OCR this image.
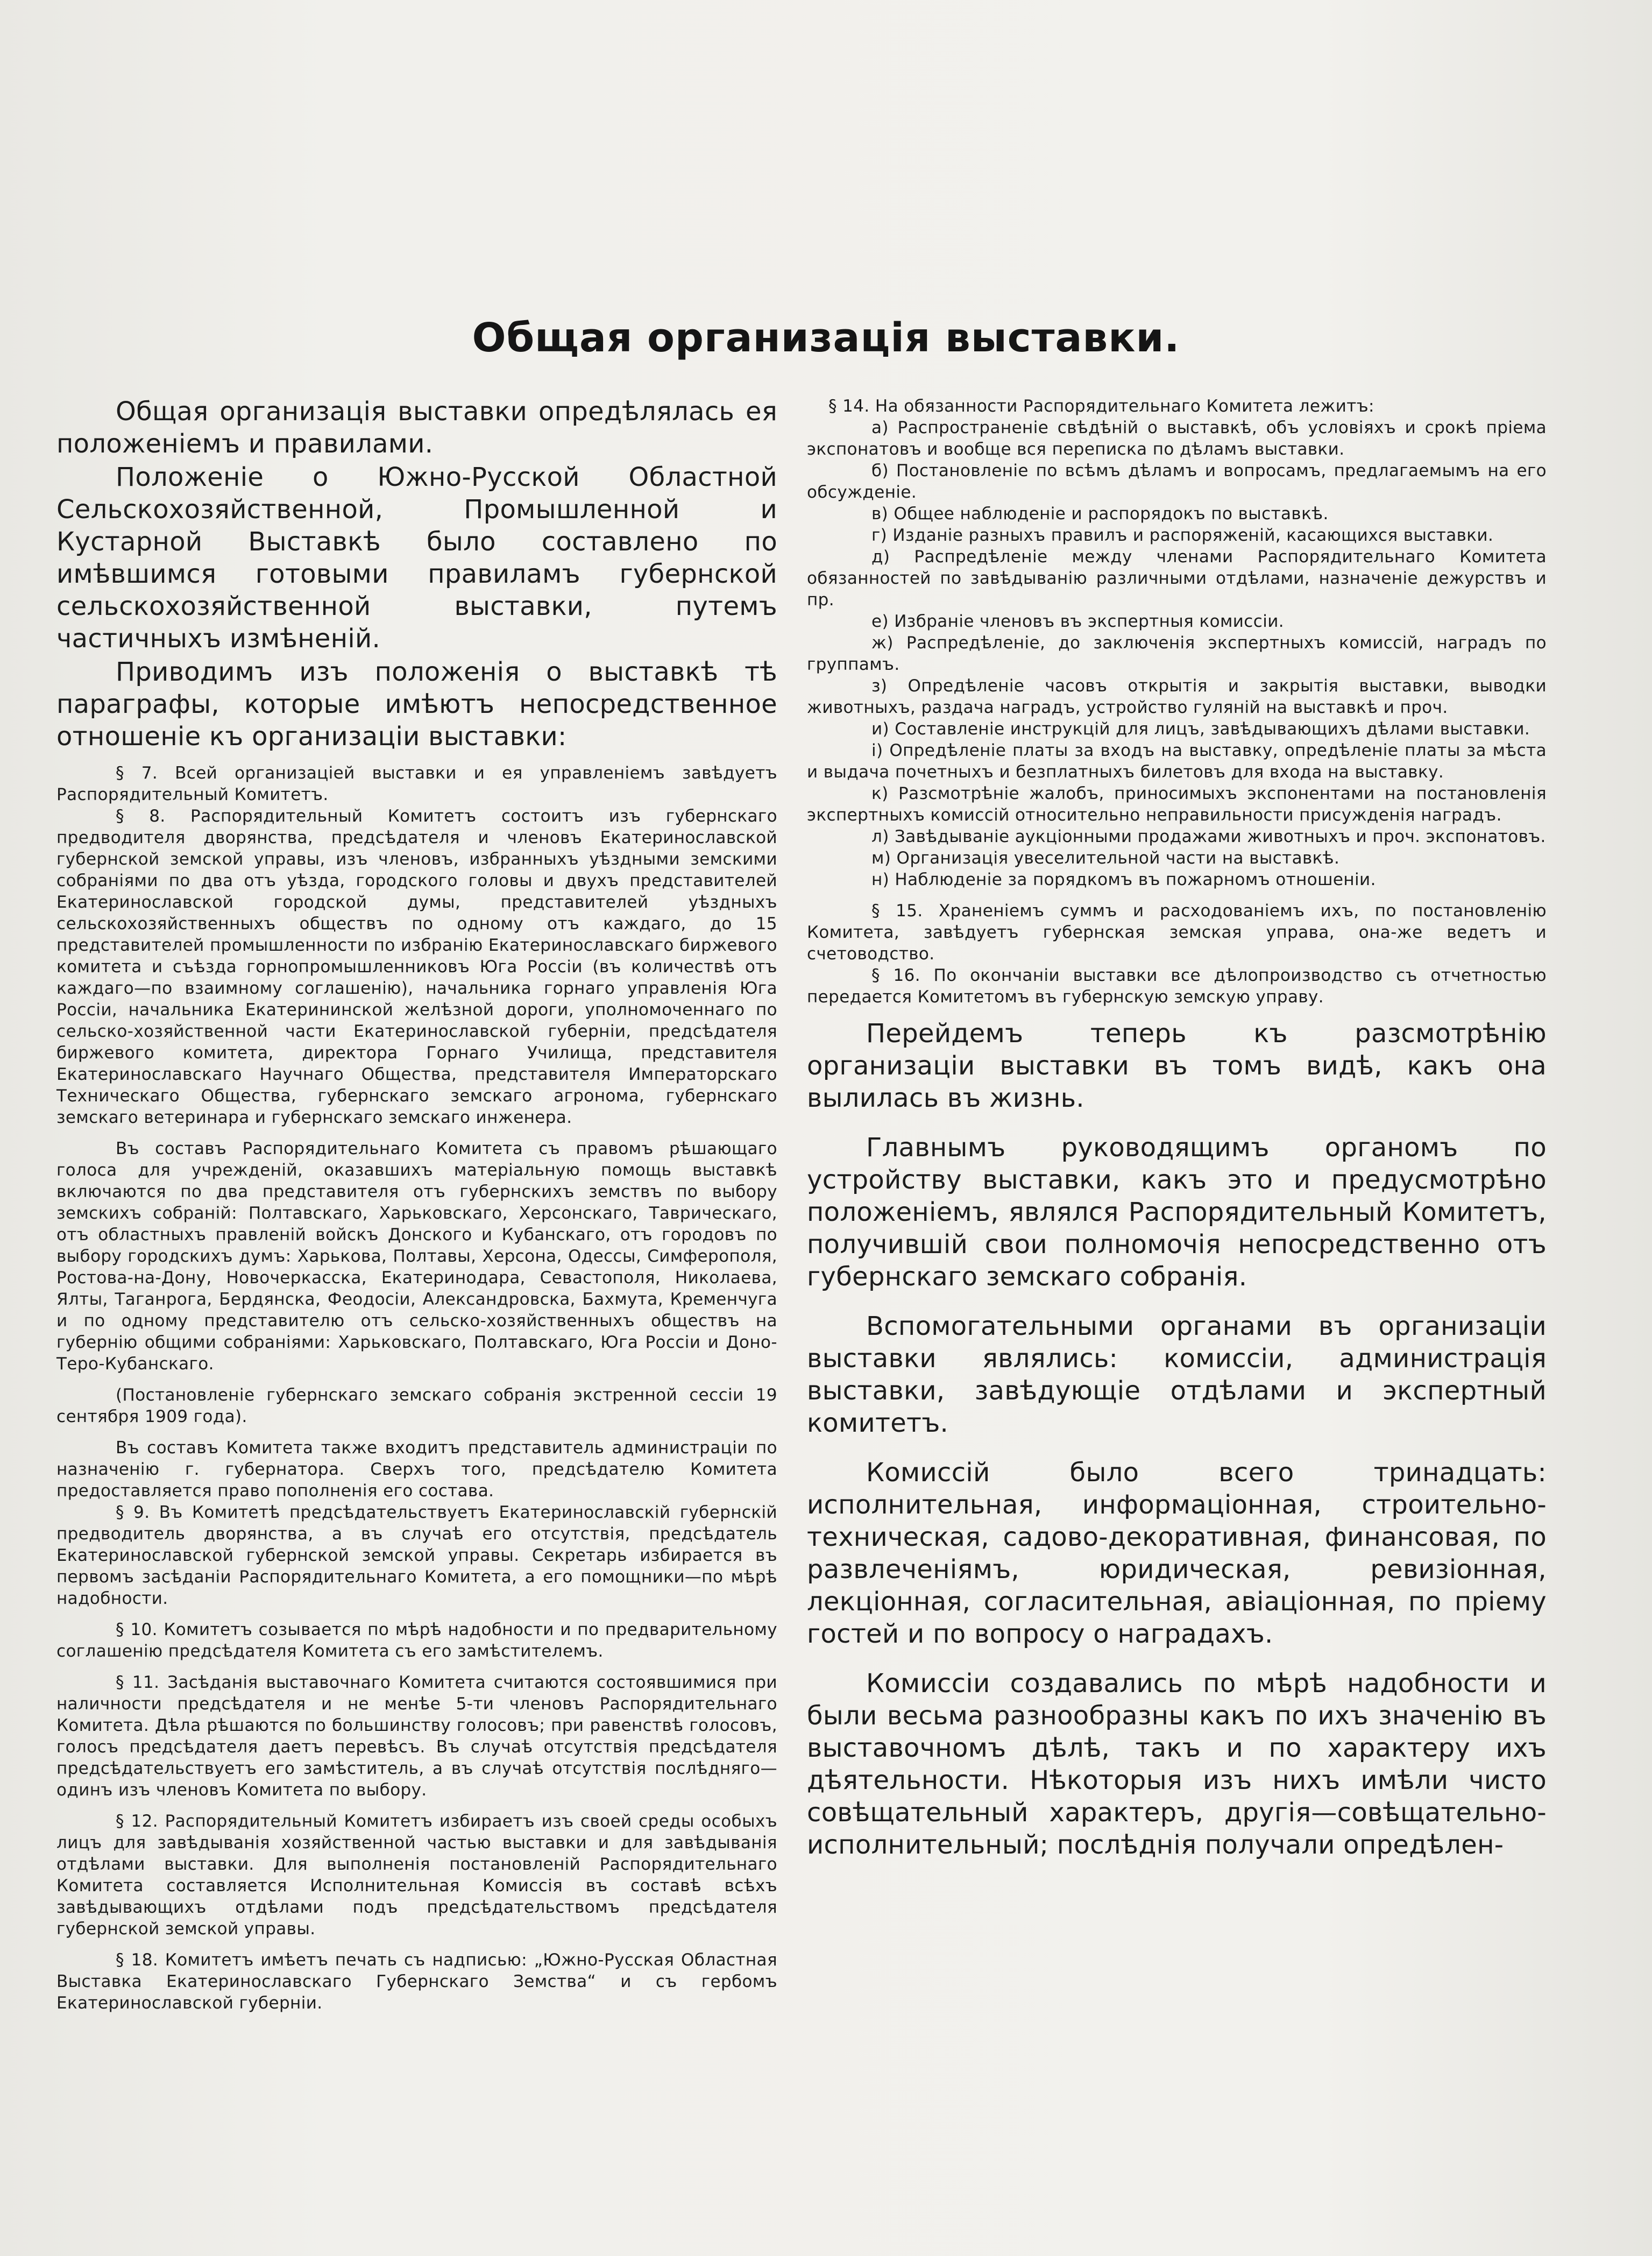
Общая организацiя выставки.

Общая организацiя выставки опредѣлялась ея положенiемъ и правилами.

Положенiе о Южно-Русской Областной Сельскохозяйственной, Промышленной и Кустарной Выставкѣ было составлено по имѣвшимся готовыми правиламъ губернской сельскохозяйственной выставки, путемъ частичныхъ измѣненiй.

Приводимъ изъ положенiя о выставкѣ тѣ параграфы, которые имѣютъ непосредственное отношенiе къ организацiи выставки:

§ 7. Всей организацiей выставки и ея управленiемъ завѣдуетъ Распорядительный Комитетъ.

§ 8. Распорядительный Комитетъ состоитъ изъ губернскаго предводителя дворянства, предсѣдателя и членовъ Екатеринославской губернской земской управы, изъ членовъ, избранныхъ уѣздными земскими собранiями по два отъ уѣзда, городского головы и двухъ представителей Екатеринославской городской думы, представителей уѣздныхъ сельскохозяйственныхъ обществъ по одному отъ каждаго, до 15 представителей промышленности по избранiю Екатеринославскаго биржевого комитета и съѣзда горнопромышленниковъ Юга Россiи (въ количествѣ отъ каждаго—по взаимному соглашенiю), начальника горнаго управленiя Юга Россiи, начальника Екатерининской желѣзной дороги, уполномоченнаго по сельско-хозяйственной части Екатеринославской губернiи, предсѣдателя биржевого комитета, директора Горнаго Училища, представителя Екатеринославскаго Научнаго Общества, представителя Императорскаго Техническаго Общества, губернскаго земскаго агронома, губернскаго земскаго ветеринара и губернскаго земскаго инженера.

Въ составъ Распорядительнаго Комитета съ правомъ рѣшающаго голоса для учрежденiй, оказавшихъ матерiальную помощь выставкѣ включаются по два представителя отъ губернскихъ земствъ по выбору земскихъ собранiй: Полтавскаго, Харьковскаго, Херсонскаго, Таврическаго, отъ областныхъ правленiй войскъ Донского и Кубанскаго, отъ городовъ по выбору городскихъ думъ: Харькова, Полтавы, Херсона, Одессы, Симферополя, Ростова-на-Дону, Новочеркасска, Екатеринодара, Севастополя, Николаева, Ялты, Таганрога, Бердянска, Феодосiи, Александровска, Бахмута, Кременчуга и по одному представителю отъ сельско-хозяйственныхъ обществъ на губернiю общими собранiями: Харьковскаго, Полтавскаго, Юга Россiи и Доно-Теро-Кубанскаго.

(Постановленiе губернскаго земскаго собранiя экстренной сессiи 19 сентября 1909 года).

Въ составъ Комитета также входитъ представитель администрацiи по назначенiю г. губернатора. Сверхъ того, предсѣдателю Комитета предоставляется право пополненiя его состава.

§ 9. Въ Комитетѣ предсѣдательствуетъ Екатеринославскiй губернскiй предводитель дворянства, а въ случаѣ его отсутствiя, предсѣдатель Екатеринославской губернской земской управы. Секретарь избирается въ первомъ засѣданiи Распорядительнаго Комитета, а его помощники—по мѣрѣ надобности.

§ 10. Комитетъ созывается по мѣрѣ надобности и по предварительному соглашенiю предсѣдателя Комитета съ его замѣстителемъ.

§ 11. Засѣданiя выставочнаго Комитета считаются состоявшимися при наличности предсѣдателя и не менѣе 5-ти членовъ Распорядительнаго Комитета. Дѣла рѣшаются по большинству голосовъ; при равенствѣ голосовъ, голосъ предсѣдателя даетъ перевѣсъ. Въ случаѣ отсутствiя предсѣдателя предсѣдательствуетъ его замѣститель, а въ случаѣ отсутствiя послѣдняго—одинъ изъ членовъ Комитета по выбору.

§ 12. Распорядительный Комитетъ избираетъ изъ своей среды особыхъ лицъ для завѣдыванiя хозяйственной частью выставки и для завѣдыванiя отдѣлами выставки. Для выполненiя постановленiй Распорядительнаго Комитета составляется Исполнительная Комиссiя въ составѣ всѣхъ завѣдывающихъ отдѣлами подъ предсѣдательствомъ предсѣдателя губернской земской управы.

§ 18. Комитетъ имѣетъ печать съ надписью: „Южно-Русская Областная Выставка Екатеринославскаго Губернскаго Земства“ и съ гербомъ Екатеринославской губернiи.

§ 14. На обязанности Распорядительнаго Комитета лежитъ:

а) Распространенiе свѣдѣнiй о выставкѣ, объ условiяхъ и срокѣ прiема экспонатовъ и вообще вся переписка по дѣламъ выставки.

б) Постановленiе по всѣмъ дѣламъ и вопросамъ, предлагаемымъ на его обсужденiе.

в) Общее наблюденiе и распорядокъ по выставкѣ.

г) Изданiе разныхъ правилъ и распоряженiй, касающихся выставки.

д) Распредѣленiе между членами Распорядительнаго Комитета обязанностей по завѣдыванiю различными отдѣлами, назначенiе дежурствъ и пр.

е) Избранiе членовъ въ экспертныя комиссiи.

ж) Распредѣленiе, до заключенiя экспертныхъ комиссiй, наградъ по группамъ.

з) Опредѣленiе часовъ открытiя и закрытiя выставки, выводки животныхъ, раздача наградъ, устройство гулянiй на выставкѣ и проч.

и) Составленiе инструкцiй для лицъ, завѣдывающихъ дѣлами выставки.

i) Опредѣленiе платы за входъ на выставку, опредѣленiе платы за мѣста и выдача почетныхъ и безплатныхъ билетовъ для входа на выставку.

к) Разсмотрѣнiе жалобъ, приносимыхъ экспонентами на постановленiя экспертныхъ комиссiй относительно неправильности присужденiя наградъ.

л) Завѣдыванiе аукцiонными продажами животныхъ и проч. экспонатовъ.

м) Организацiя увеселительной части на выставкѣ.

н) Наблюденiе за порядкомъ въ пожарномъ отношенiи.

§ 15. Храненiемъ суммъ и расходованiемъ ихъ, по постановленiю Комитета, завѣдуетъ губернская земская управа, она-же ведетъ и счетоводство.

§ 16. По окончанiи выставки все дѣлопроизводство съ отчетностью передается Комитетомъ въ губернскую земскую управу.

Перейдемъ теперь къ разсмотрѣнiю организацiи выставки въ томъ видѣ, какъ она вылилась въ жизнь.

Главнымъ руководящимъ органомъ по устройству выставки, какъ это и предусмотрѣно положенiемъ, являлся Распорядительный Комитетъ, получившiй свои полномочiя непосредственно отъ губернскаго земскаго собранiя.

Вспомогательными органами въ организацiи выставки являлись: комиссiи, администрацiя выставки, завѣдующiе отдѣлами и экспертный комитетъ.

Комиссiй было всего тринадцать: исполнительная, информацiонная, строительно-техническая, садово-декоративная, финансовая, по развлеченiямъ, юридическая, ревизiонная, лекцiонная, согласительная, авiацiонная, по прiему гостей и по вопросу о наградахъ.

Комиссiи создавались по мѣрѣ надобности и были весьма разнообразны какъ по ихъ значенiю въ выставочномъ дѣлѣ, такъ и по характеру ихъ дѣятельности. Нѣкоторыя изъ нихъ имѣли чисто совѣщательный характеръ, другiя—совѣщательно-исполнительный; послѣднiя получали опредѣлен-
